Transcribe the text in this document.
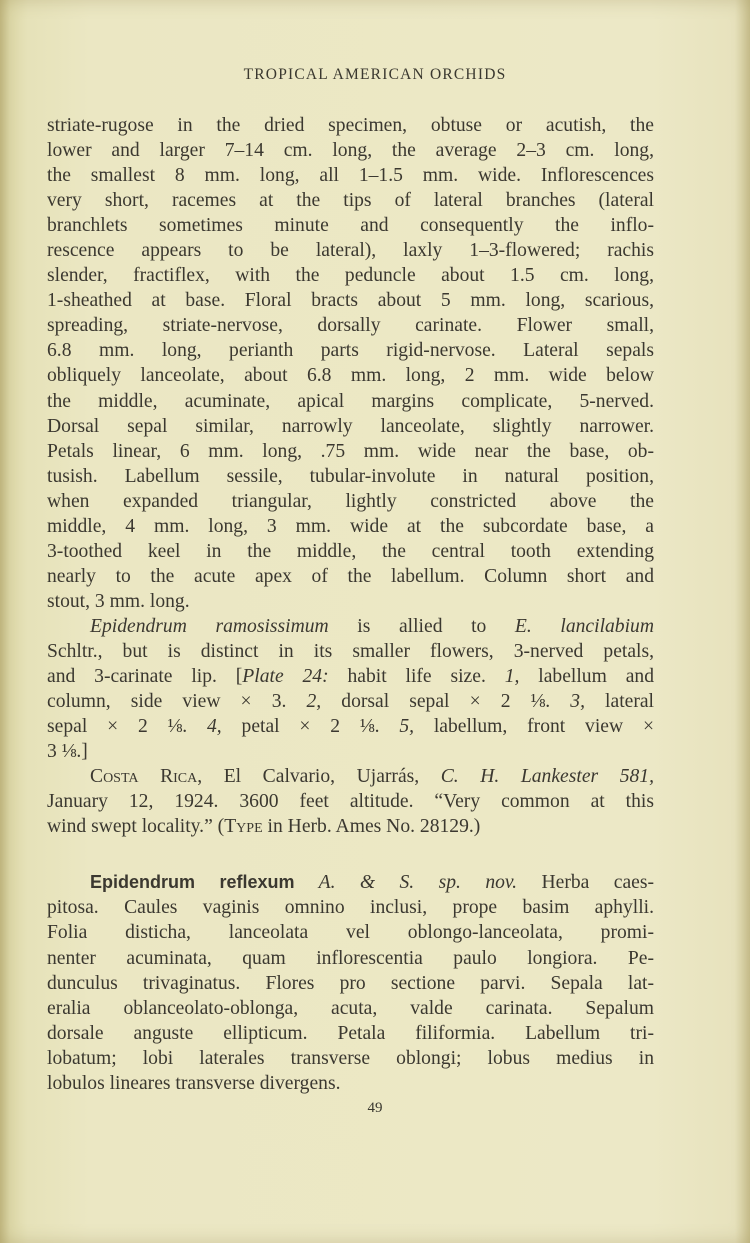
TROPICAL AMERICAN ORCHIDS
striate-rugose in the dried specimen, obtuse or acutish, the
lower and larger 7–14 cm. long, the average 2–3 cm. long,
the smallest 8 mm. long, all 1–1.5 mm. wide. Inflorescences
very short, racemes at the tips of lateral branches (lateral
branchlets sometimes minute and consequently the inflo-
rescence appears to be lateral), laxly 1–3-flowered; rachis
slender, fractiflex, with the peduncle about 1.5 cm. long,
1-sheathed at base. Floral bracts about 5 mm. long, scarious,
spreading, striate-nervose, dorsally carinate. Flower small,
6.8 mm. long, perianth parts rigid-nervose. Lateral sepals
obliquely lanceolate, about 6.8 mm. long, 2 mm. wide below
the middle, acuminate, apical margins complicate, 5-nerved.
Dorsal sepal similar, narrowly lanceolate, slightly narrower.
Petals linear, 6 mm. long, .75 mm. wide near the base, ob-
tusish. Labellum sessile, tubular-involute in natural position,
when expanded triangular, lightly constricted above the
middle, 4 mm. long, 3 mm. wide at the subcordate base, a
3-toothed keel in the middle, the central tooth extending
nearly to the acute apex of the labellum. Column short and
stout, 3 mm. long.
Epidendrum ramosissimum is allied to E. lancilabium
Schltr., but is distinct in its smaller flowers, 3-nerved petals,
and 3-carinate lip. [Plate 24: habit life size. 1, labellum and
column, side view × 3. 2, dorsal sepal × 2 ⅛. 3, lateral
sepal × 2 ⅛. 4, petal × 2 ⅛. 5, labellum, front view ×
3 ⅛.]
Costa Rica, El Calvario, Ujarrás, C. H. Lankester 581,
January 12, 1924. 3600 feet altitude. “Very common at this
wind swept locality.” (Type in Herb. Ames No. 28129.)
Epidendrum reflexum A. & S. sp. nov. Herba caes-
pitosa. Caules vaginis omnino inclusi, prope basim aphylli.
Folia disticha, lanceolata vel oblongo-lanceolata, promi-
nenter acuminata, quam inflorescentia paulo longiora. Pe-
dunculus trivaginatus. Flores pro sectione parvi. Sepala lat-
eralia oblanceolato-oblonga, acuta, valde carinata. Sepalum
dorsale anguste ellipticum. Petala filiformia. Labellum tri-
lobatum; lobi laterales transverse oblongi; lobus medius in
lobulos lineares transverse divergens.
49
